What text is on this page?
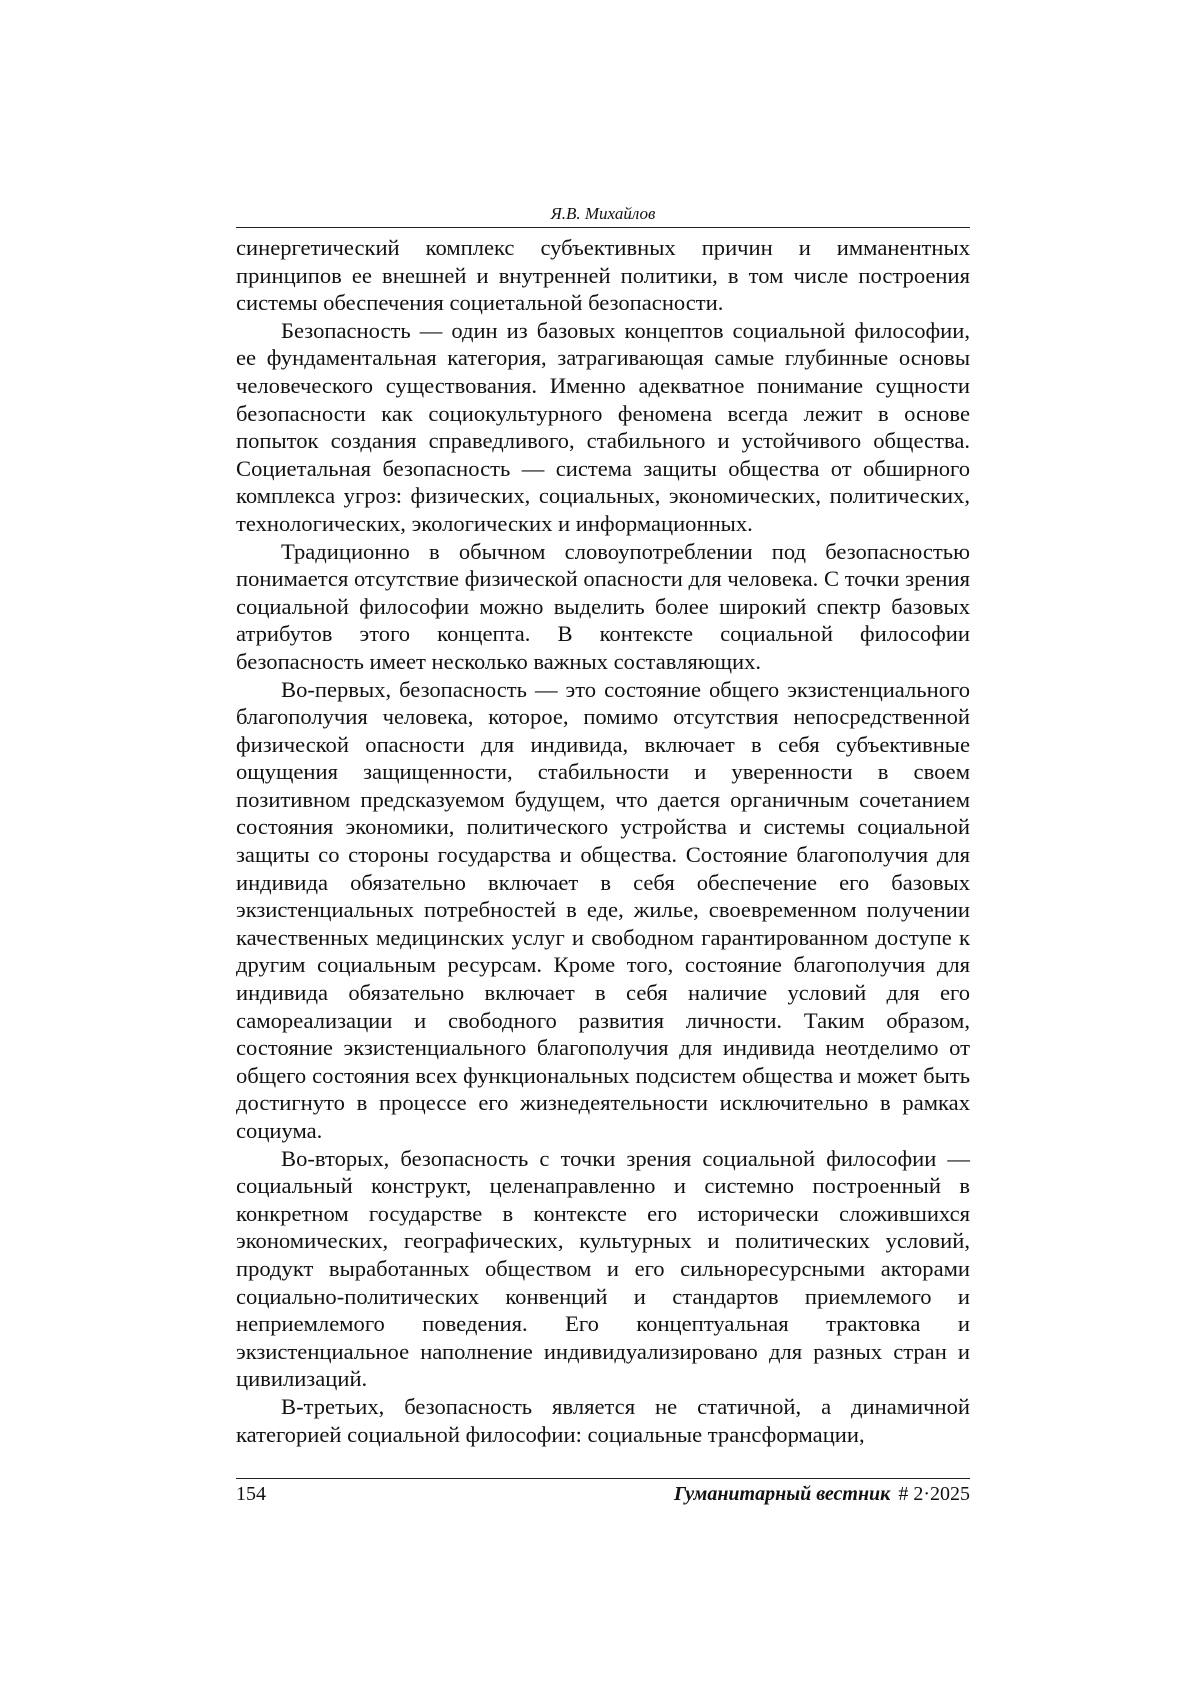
Я.В. Михайлов

синергетический комплекс субъективных причин и имманентных принципов ее внешней и внутренней политики, в том числе построения системы обеспечения социетальной безопасности.

Безопасность — один из базовых концептов социальной философии, ее фундаментальная категория, затрагивающая самые глубинные основы человеческого существования. Именно адекватное понимание сущности безопасности как социокультурного феномена всегда лежит в основе попыток создания справедливого, стабильного и устойчивого общества. Социетальная безопасность — система защиты общества от обширного комплекса угроз: физических, социальных, экономических, политических, технологических, экологических и информационных.

Традиционно в обычном словоупотреблении под безопасностью понимается отсутствие физической опасности для человека. С точки зрения социальной философии можно выделить более широкий спектр базовых атрибутов этого концепта. В контексте социальной философии безопасность имеет несколько важных составляющих.

Во-первых, безопасность — это состояние общего экзистенциального благополучия человека, которое, помимо отсутствия непосредственной физической опасности для индивида, включает в себя субъективные ощущения защищенности, стабильности и уверенности в своем позитивном предсказуемом будущем, что дается органичным сочетанием состояния экономики, политического устройства и системы социальной защиты со стороны государства и общества. Состояние благополучия для индивида обязательно включает в себя обеспечение его базовых экзистенциальных потребностей в еде, жилье, своевременном получении качественных медицинских услуг и свободном гарантированном доступе к другим социальным ресурсам. Кроме того, состояние благополучия для индивида обязательно включает в себя наличие условий для его самореализации и свободного развития личности. Таким образом, состояние экзистенциального благополучия для индивида неотделимо от общего состояния всех функциональных подсистем общества и может быть достигнуто в процессе его жизнедеятельности исключительно в рамках социума.

Во-вторых, безопасность с точки зрения социальной философии — социальный конструкт, целенаправленно и системно построенный в конкретном государстве в контексте его исторически сложившихся экономических, географических, культурных и политических условий, продукт выработанных обществом и его сильноресурсными акторами социально-политических конвенций и стандартов приемлемого и неприемлемого поведения. Его концептуальная трактовка и экзистенциальное наполнение индивидуализировано для разных стран и цивилизаций.

В-третьих, безопасность является не статичной, а динамичной категорией социальной философии: социальные трансформации,

154	Гуманитарный вестник # 2·2025
